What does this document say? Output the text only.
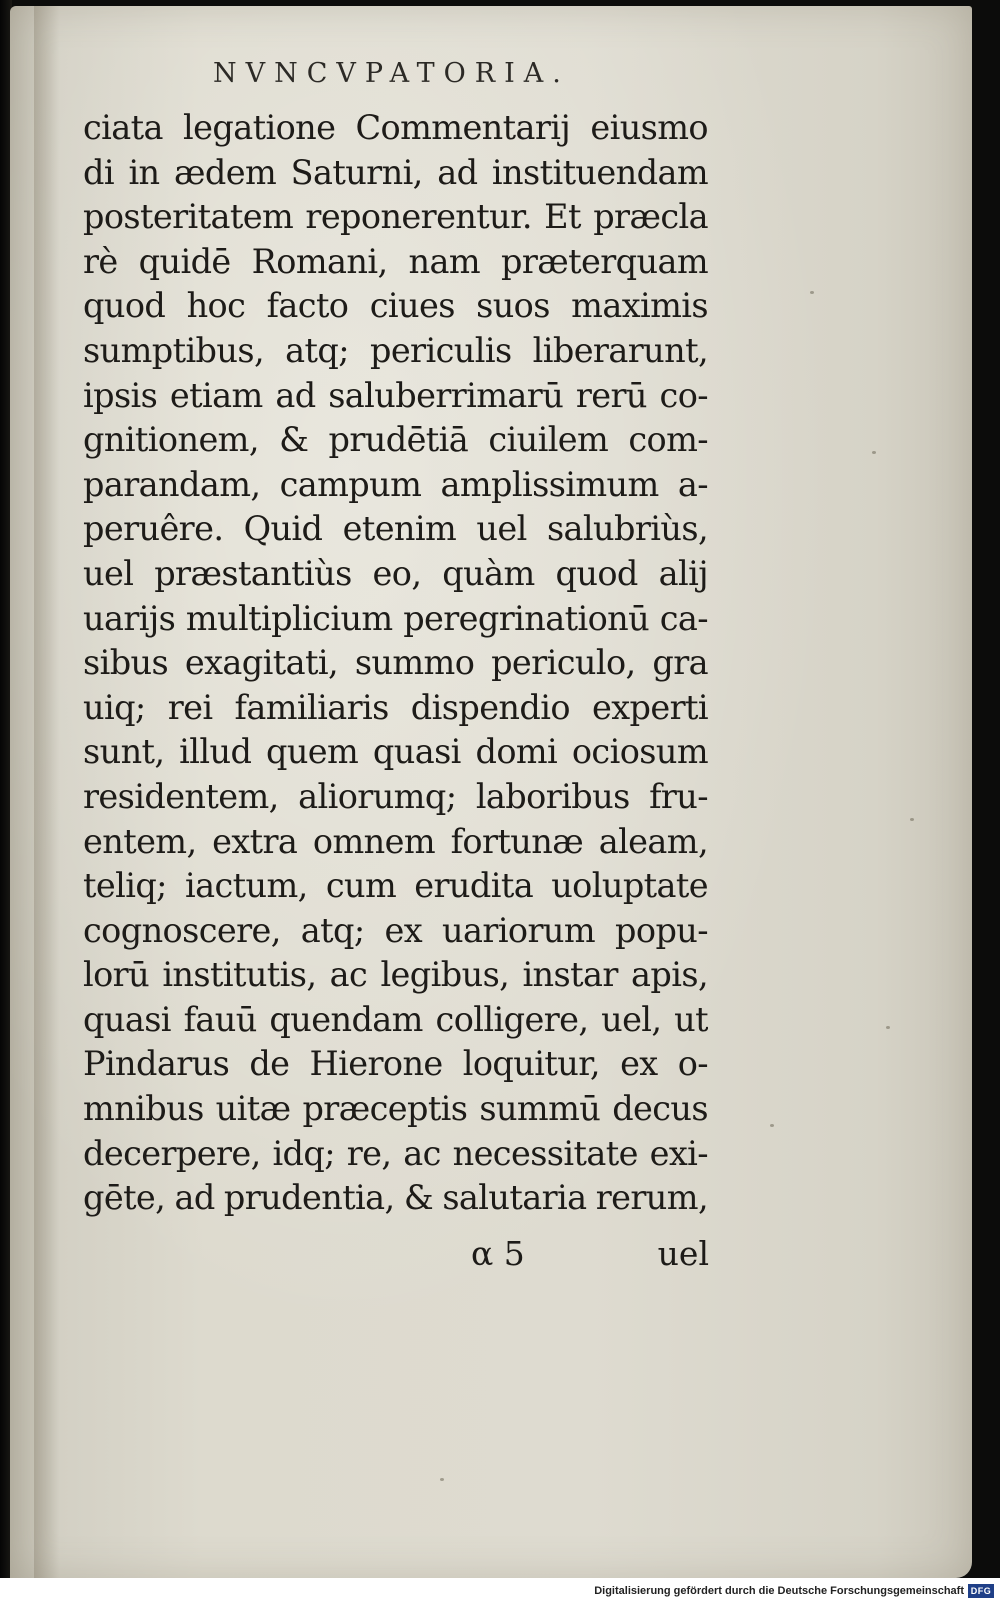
NVNCVPATORIA.
ciata legatione Commentarij eiusmo
di in ædem Saturni, ad instituendam
posteritatem reponerentur. Et præcla
rè quidē Romani, nam præterquam
quod hoc facto ciues suos maximis
sumptibus, atq; periculis liberarunt,
ipsis etiam ad saluberrimarū rerū co-
gnitionem, & prudētiā ciuilem com-
parandam, campum amplissimum a-
peruêre. Quid etenim uel salubriùs,
uel præstantiùs eo, quàm quod alij
uarijs multiplicium peregrinationū ca-
sibus exagitati, summo periculo, gra
uiq; rei familiaris dispendio experti
sunt, illud quem quasi domi ociosum
residentem, aliorumq; laboribus fru-
entem, extra omnem fortunæ aleam,
teliq; iactum, cum erudita uoluptate
cognoscere, atq; ex uariorum popu-
lorū institutis, ac legibus, instar apis,
quasi fauū quendam colligere, uel, ut
Pindarus de Hierone loquitur, ex o-
mnibus uitæ præceptis summū decus
decerpere, idq; re, ac necessitate exi-
gēte, ad prudentia, & salutaria rerum,
α 5	uel
Digitalisierung gefördert durch die Deutsche Forschungsgemeinschaft DFG
